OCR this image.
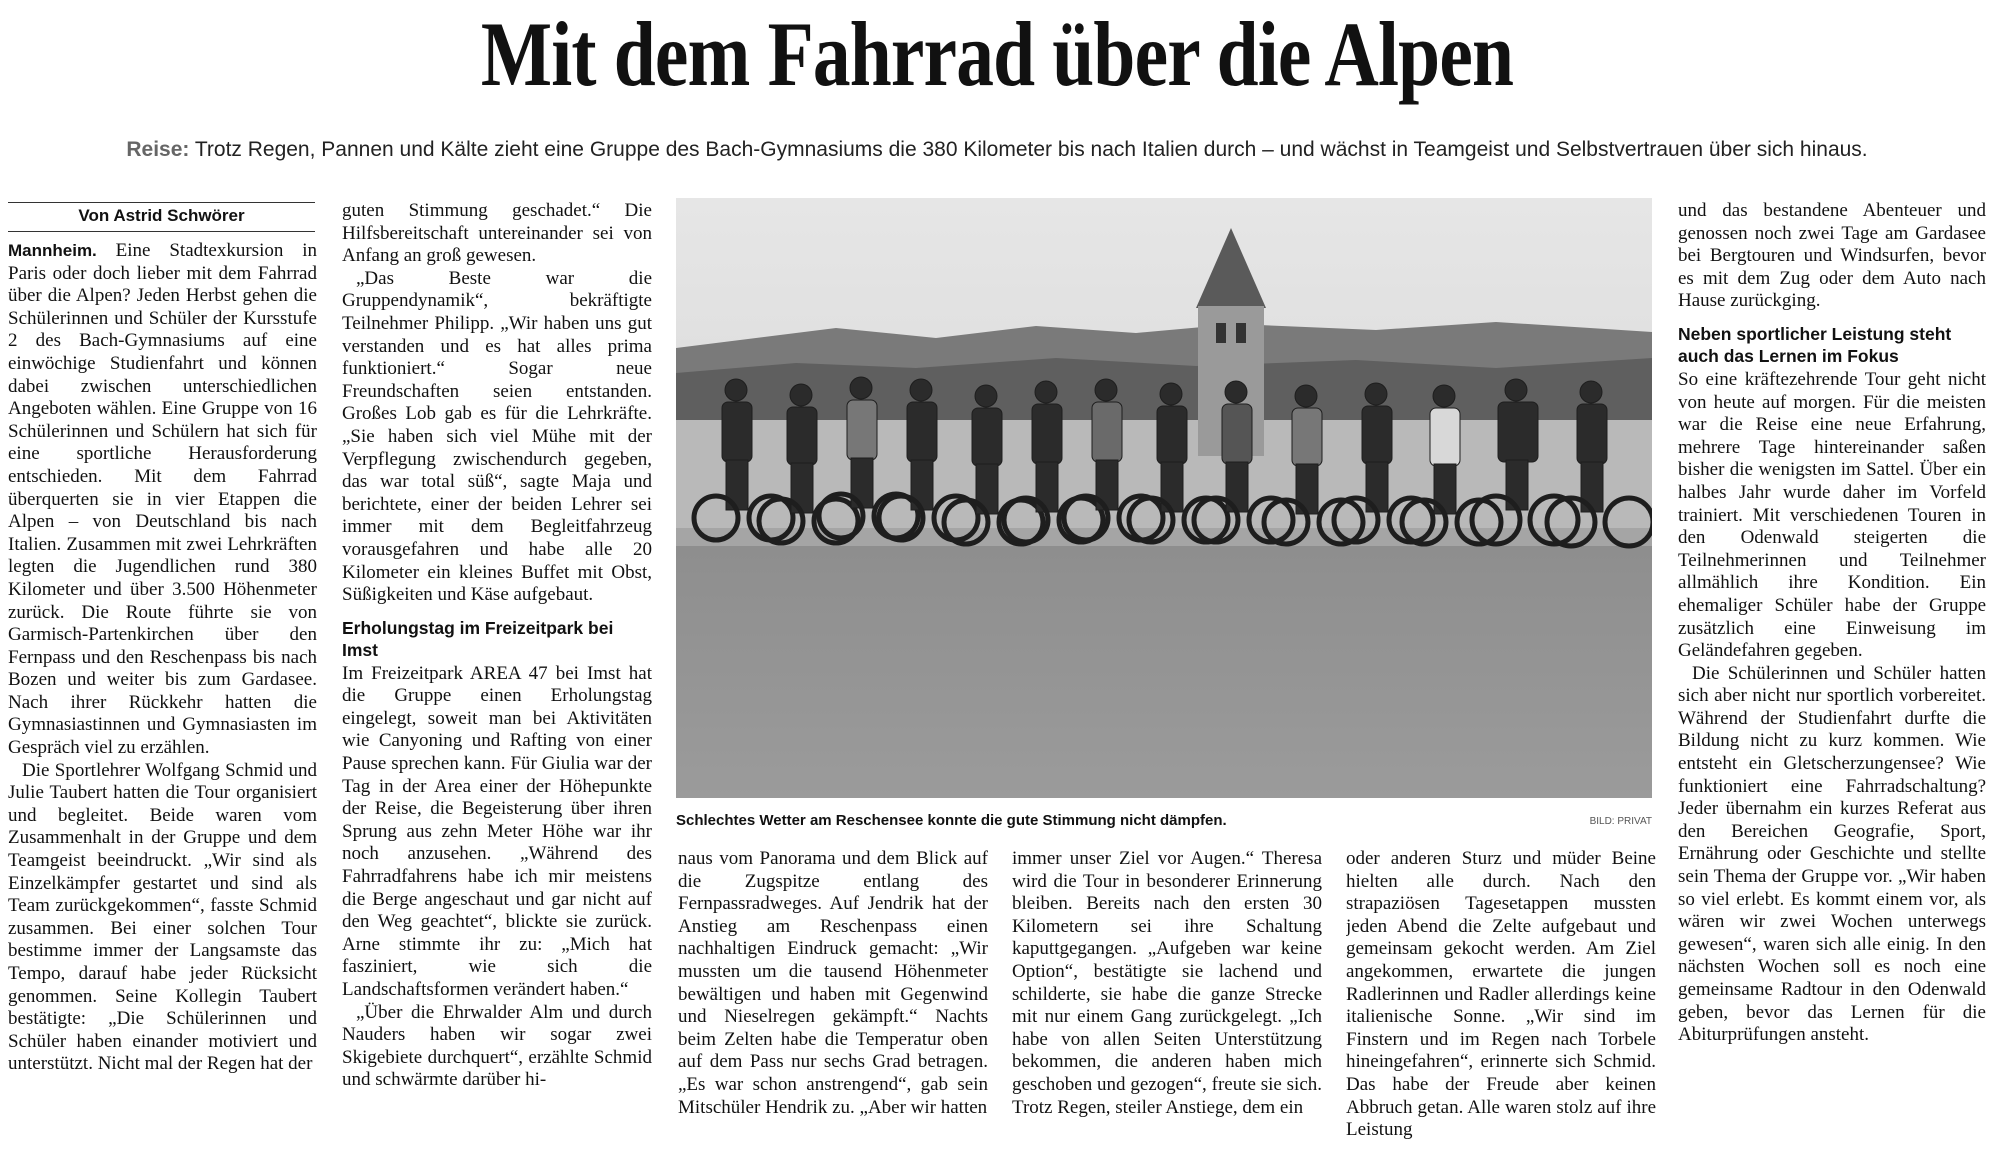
Mit dem Fahrrad über die Alpen
Reise: Trotz Regen, Pannen und Kälte zieht eine Gruppe des Bach-Gymnasiums die 380 Kilometer bis nach Italien durch – und wächst in Teamgeist und Selbstvertrauen über sich hinaus.
Von Astrid Schwörer

Mannheim. Eine Stadtexkursion in Paris oder doch lieber mit dem Fahrrad über die Alpen? Jeden Herbst gehen die Schülerinnen und Schüler der Kursstufe 2 des Bach-Gymnasiums auf eine einwöchige Studienfahrt und können dabei zwischen unterschiedlichen Angeboten wählen. Eine Gruppe von 16 Schülerinnen und Schülern hat sich für eine sportliche Herausforderung entschieden. Mit dem Fahrrad überquerten sie in vier Etappen die Alpen – von Deutschland bis nach Italien. Zusammen mit zwei Lehrkräften legten die Jugendlichen rund 380 Kilometer und über 3.500 Höhenmeter zurück. Die Route führte sie von Garmisch-Partenkirchen über den Fernpass und den Reschenpass bis nach Bozen und weiter bis zum Gardasee. Nach ihrer Rückkehr hatten die Gymnasiastinnen und Gymnasiasten im Gespräch viel zu erzählen.

Die Sportlehrer Wolfgang Schmid und Julie Taubert hatten die Tour organisiert und begleitet. Beide waren vom Zusammenhalt in der Gruppe und dem Teamgeist beeindruckt. „Wir sind als Einzelkämpfer gestartet und sind als Team zurückgekommen“, fasste Schmid zusammen. Bei einer solchen Tour bestimme immer der Langsamste das Tempo, darauf habe jeder Rücksicht genommen. Seine Kollegin Taubert bestätigte: „Die Schülerinnen und Schüler haben einander motiviert und unterstützt. Nicht mal der Regen hat der

guten Stimmung geschadet.“ Die Hilfsbereitschaft untereinander sei von Anfang an groß gewesen.

„Das Beste war die Gruppendynamik“, bekräftigte Teilnehmer Philipp. „Wir haben uns gut verstanden und es hat alles prima funktioniert.“ Sogar neue Freundschaften seien entstanden. Großes Lob gab es für die Lehrkräfte. „Sie haben sich viel Mühe mit der Verpflegung zwischendurch gegeben, das war total süß“, sagte Maja und berichtete, einer der beiden Lehrer sei immer mit dem Begleitfahrzeug vorausgefahren und habe alle 20 Kilometer ein kleines Buffet mit Obst, Süßigkeiten und Käse aufgebaut.

Erholungstag im Freizeitpark bei Imst

Im Freizeitpark AREA 47 bei Imst hat die Gruppe einen Erholungstag eingelegt, soweit man bei Aktivitäten wie Canyoning und Rafting von einer Pause sprechen kann. Für Giulia war der Tag in der Area einer der Höhepunkte der Reise, die Begeisterung über ihren Sprung aus zehn Meter Höhe war ihr noch anzusehen. „Während des Fahrradfahrens habe ich mir meistens die Berge angeschaut und gar nicht auf den Weg geachtet“, blickte sie zurück. Arne stimmte ihr zu: „Mich hat fasziniert, wie sich die Landschaftsformen verändert haben.“

„Über die Ehrwalder Alm und durch Nauders haben wir sogar zwei Skigebiete durchquert“, erzählte Schmid und schwärmte darüber hi-

Schlechtes Wetter am Reschensee konnte die gute Stimmung nicht dämpfen.	BILD: PRIVAT

naus vom Panorama und dem Blick auf die Zugspitze entlang des Fernpassradweges. Auf Jendrik hat der Anstieg am Reschenpass einen nachhaltigen Eindruck gemacht: „Wir mussten um die tausend Höhenmeter bewältigen und haben mit Gegenwind und Nieselregen gekämpft.“ Nachts beim Zelten habe die Temperatur oben auf dem Pass nur sechs Grad betragen. „Es war schon anstrengend“, gab sein Mitschüler Hendrik zu. „Aber wir hatten

immer unser Ziel vor Augen.“ Theresa wird die Tour in besonderer Erinnerung bleiben. Bereits nach den ersten 30 Kilometern sei ihre Schaltung kaputtgegangen. „Aufgeben war keine Option“, bestätigte sie lachend und schilderte, sie habe die ganze Strecke mit nur einem Gang zurückgelegt. „Ich habe von allen Seiten Unterstützung bekommen, die anderen haben mich geschoben und gezogen“, freute sie sich. Trotz Regen, steiler Anstiege, dem ein

oder anderen Sturz und müder Beine hielten alle durch. Nach den strapaziösen Tagesetappen mussten jeden Abend die Zelte aufgebaut und gemeinsam gekocht werden. Am Ziel angekommen, erwartete die jungen Radlerinnen und Radler allerdings keine italienische Sonne. „Wir sind im Finstern und im Regen nach Torbele hineingefahren“, erinnerte sich Schmid. Das habe der Freude aber keinen Abbruch getan. Alle waren stolz auf ihre Leistung

und das bestandene Abenteuer und genossen noch zwei Tage am Gardasee bei Bergtouren und Windsurfen, bevor es mit dem Zug oder dem Auto nach Hause zurückging.

Neben sportlicher Leistung steht auch das Lernen im Fokus

So eine kräftezehrende Tour geht nicht von heute auf morgen. Für die meisten war die Reise eine neue Erfahrung, mehrere Tage hintereinander saßen bisher die wenigsten im Sattel. Über ein halbes Jahr wurde daher im Vorfeld trainiert. Mit verschiedenen Touren in den Odenwald steigerten die Teilnehmerinnen und Teilnehmer allmählich ihre Kondition. Ein ehemaliger Schüler habe der Gruppe zusätzlich eine Einweisung im Geländefahren gegeben.

Die Schülerinnen und Schüler hatten sich aber nicht nur sportlich vorbereitet. Während der Studienfahrt durfte die Bildung nicht zu kurz kommen. Wie entsteht ein Gletscherzungensee? Wie funktioniert eine Fahrradschaltung? Jeder übernahm ein kurzes Referat aus den Bereichen Geografie, Sport, Ernährung oder Geschichte und stellte sein Thema der Gruppe vor. „Wir haben so viel erlebt. Es kommt einem vor, als wären wir zwei Wochen unterwegs gewesen“, waren sich alle einig. In den nächsten Wochen soll es noch eine gemeinsame Radtour in den Odenwald geben, bevor das Lernen für die Abiturprüfungen ansteht.
